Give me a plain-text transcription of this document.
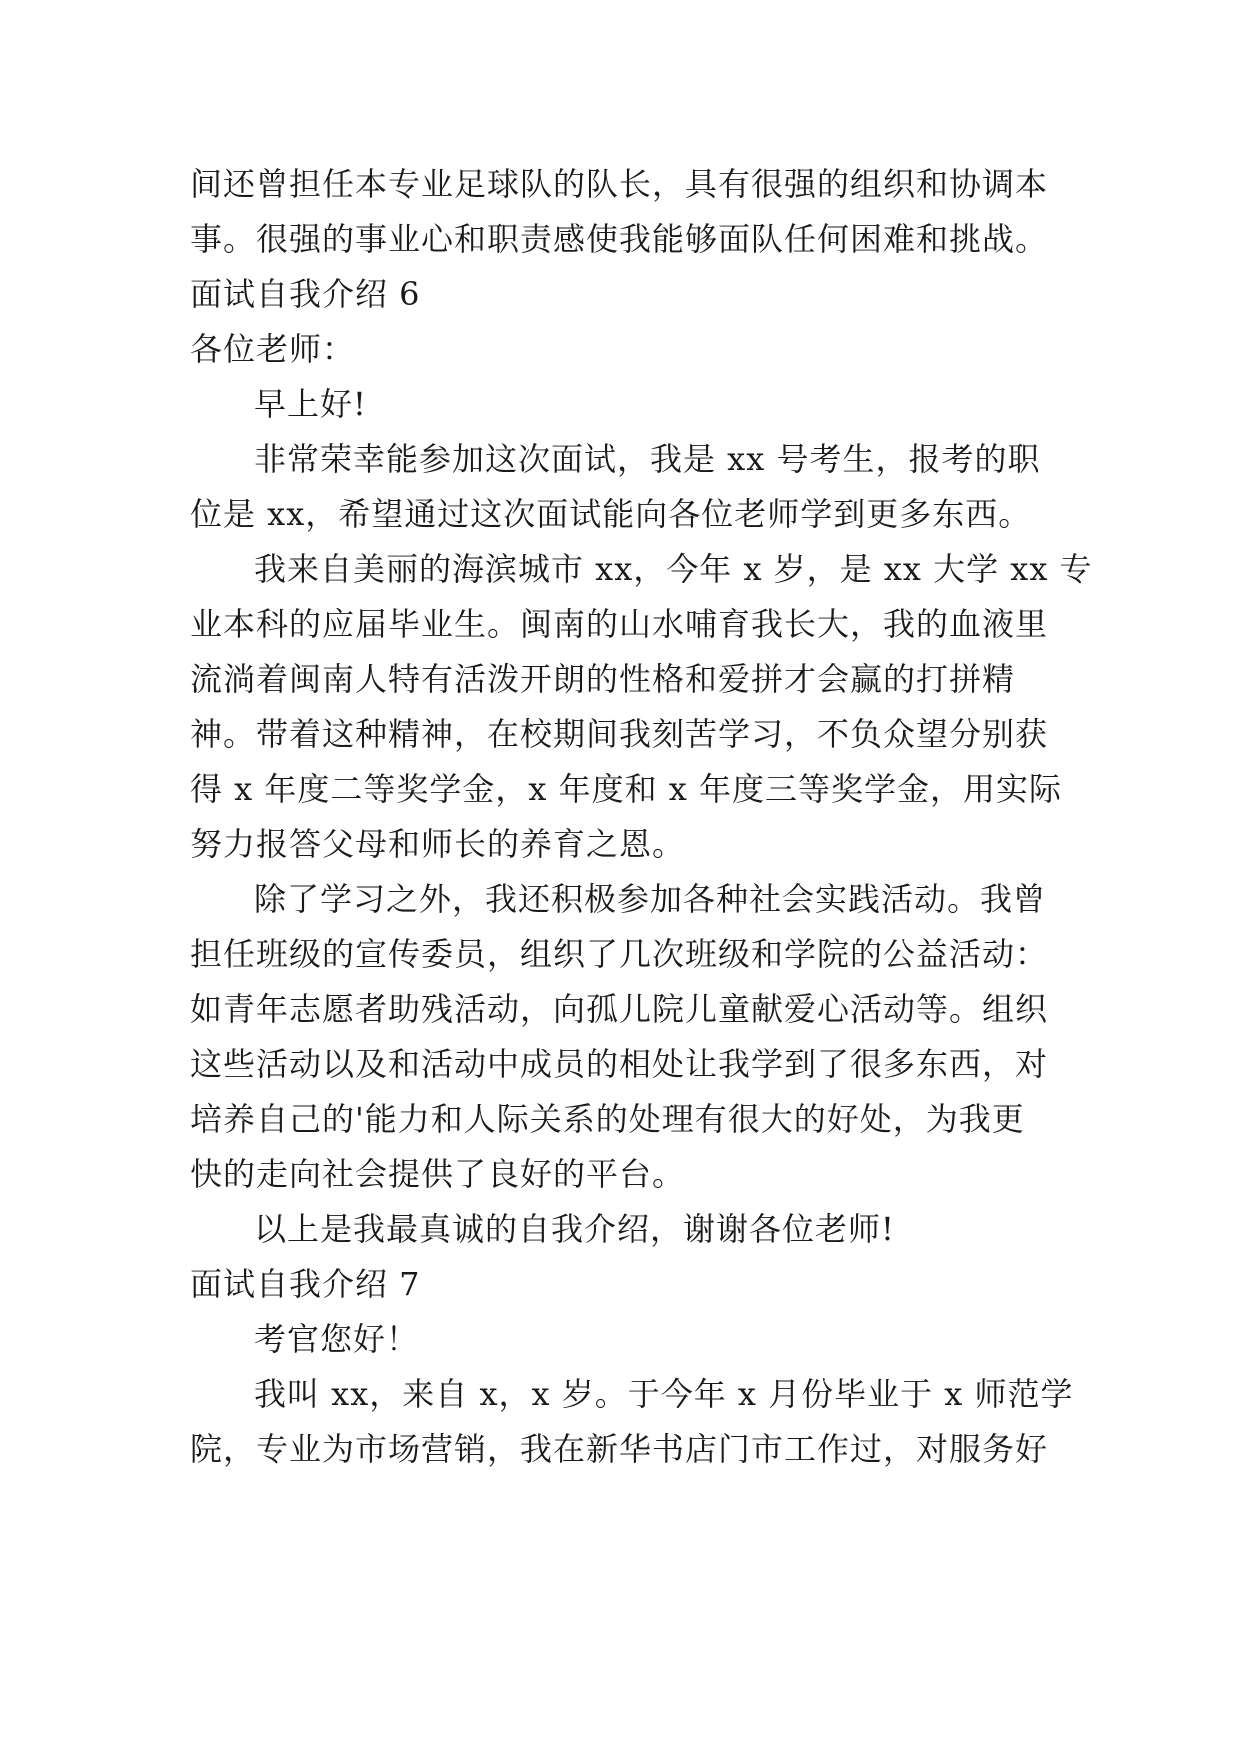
间还曾担任本专业足球队的队长，具有很强的组织和协调本
事。很强的事业心和职责感使我能够面队任何困难和挑战。
面试自我介绍 6
各位老师：
早上好!
非常荣幸能参加这次面试，我是 xx 号考生，报考的职
位是 xx，希望通过这次面试能向各位老师学到更多东西。
我来自美丽的海滨城市 xx，今年 x 岁，是 xx 大学 xx 专
业本科的应届毕业生。闽南的山水哺育我长大，我的血液里
流淌着闽南人特有活泼开朗的性格和爱拼才会赢的打拼精
神。带着这种精神，在校期间我刻苦学习，不负众望分别获
得 x 年度二等奖学金，x 年度和 x 年度三等奖学金，用实际
努力报答父母和师长的养育之恩。
除了学习之外，我还积极参加各种社会实践活动。我曾
担任班级的宣传委员，组织了几次班级和学院的公益活动：
如青年志愿者助残活动，向孤儿院儿童献爱心活动等。组织
这些活动以及和活动中成员的相处让我学到了很多东西，对
培养自己的'能力和人际关系的处理有很大的好处，为我更
快的走向社会提供了良好的平台。
以上是我最真诚的自我介绍，谢谢各位老师!
面试自我介绍 7
考官您好！
我叫 xx，来自 x，x 岁。于今年 x 月份毕业于 x 师范学
院，专业为市场营销，我在新华书店门市工作过，对服务好
